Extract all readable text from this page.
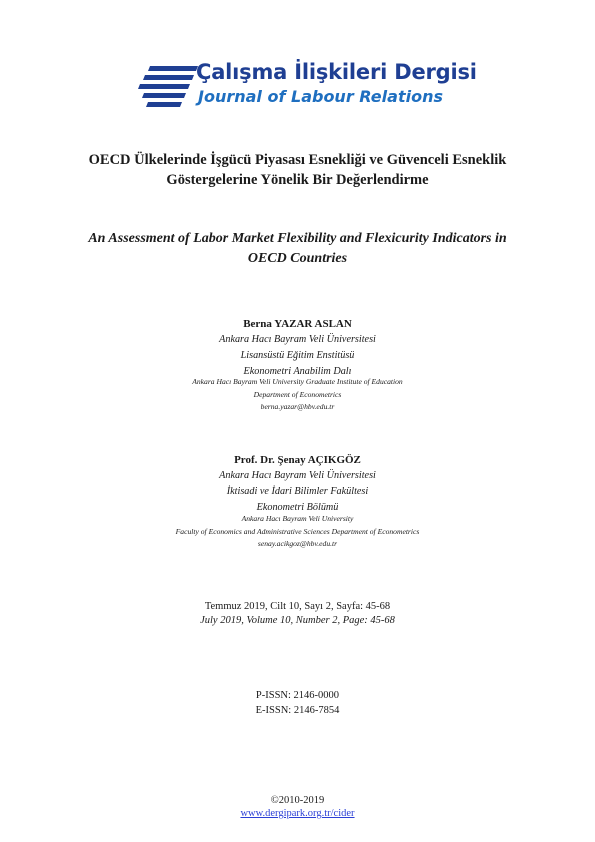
Çalışma İlişkileri Dergisi
Journal of Labour Relations
OECD Ülkelerinde İşgücü Piyasası Esnekliği ve Güvenceli Esneklik
Göstergelerine Yönelik Bir Değerlendirme
An Assessment of Labor Market Flexibility and Flexicurity Indicators in
OECD Countries
Berna YAZAR ASLAN
Ankara Hacı Bayram Veli Üniversitesi
Lisansüstü Eğitim Enstitüsü
Ekonometri Anabilim Dalı
Ankara Hacı Bayram Veli University Graduate Institute of Education
Department of Econometrics
berna.yazar@hbv.edu.tr
Prof. Dr. Şenay AÇIKGÖZ
Ankara Hacı Bayram Veli Üniversitesi
İktisadi ve İdari Bilimler Fakültesi
Ekonometri Bölümü
Ankara Hacı Bayram Veli University
Faculty of Economics and Administrative Sciences Department of Econometrics
senay.acikgoz@hbv.edu.tr
Temmuz 2019, Cilt 10, Sayı 2, Sayfa: 45-68
July 2019, Volume 10, Number 2, Page: 45-68
P-ISSN: 2146-0000
E-ISSN: 2146-7854
©2010-2019
www.dergipark.org.tr/cider
